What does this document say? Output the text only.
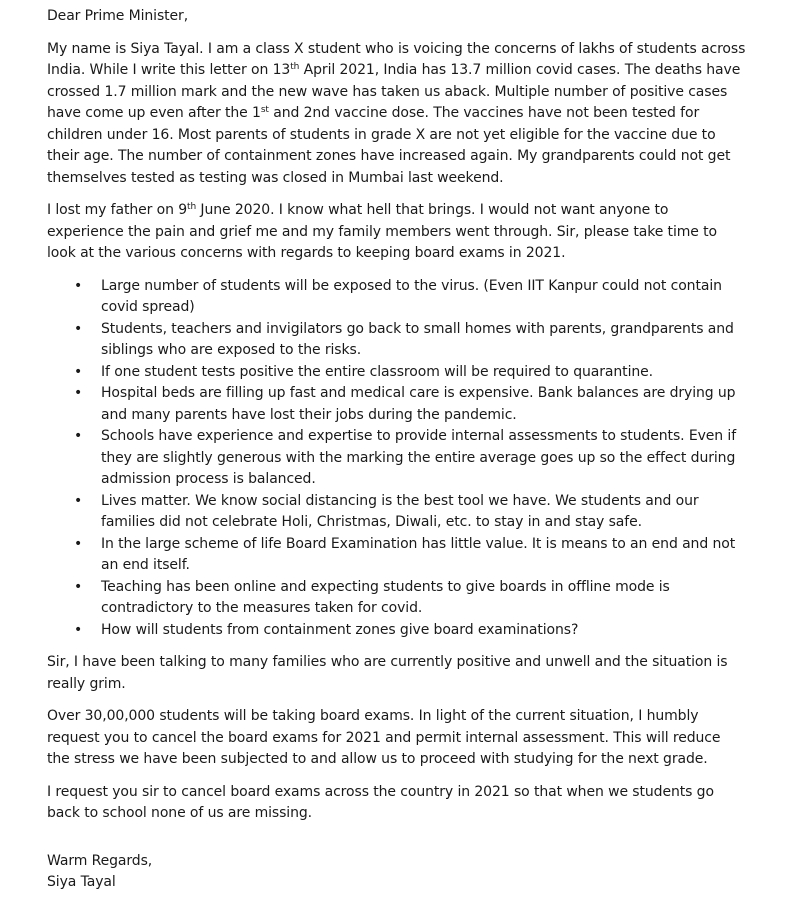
Dear Prime Minister,

My name is Siya Tayal. I am a class X student who is voicing the concerns of lakhs of students across India. While I write this letter on 13th April 2021, India has 13.7 million covid cases. The deaths have crossed 1.7 million mark and the new wave has taken us aback. Multiple number of positive cases have come up even after the 1st and 2nd vaccine dose. The vaccines have not been tested for children under 16. Most parents of students in grade X are not yet eligible for the vaccine due to their age. The number of containment zones have increased again. My grandparents could not get themselves tested as testing was closed in Mumbai last weekend.

I lost my father on 9th June 2020. I know what hell that brings. I would not want anyone to experience the pain and grief me and my family members went through. Sir, please take time to look at the various concerns with regards to keeping board exams in 2021.

• Large number of students will be exposed to the virus. (Even IIT Kanpur could not contain covid spread)
• Students, teachers and invigilators go back to small homes with parents, grandparents and siblings who are exposed to the risks.
• If one student tests positive the entire classroom will be required to quarantine.
• Hospital beds are filling up fast and medical care is expensive. Bank balances are drying up and many parents have lost their jobs during the pandemic.
• Schools have experience and expertise to provide internal assessments to students. Even if they are slightly generous with the marking the entire average goes up so the effect during admission process is balanced.
• Lives matter. We know social distancing is the best tool we have. We students and our families did not celebrate Holi, Christmas, Diwali, etc. to stay in and stay safe.
• In the large scheme of life Board Examination has little value. It is means to an end and not an end itself.
• Teaching has been online and expecting students to give boards in offline mode is contradictory to the measures taken for covid.
• How will students from containment zones give board examinations?

Sir, I have been talking to many families who are currently positive and unwell and the situation is really grim.

Over 30,00,000 students will be taking board exams. In light of the current situation, I humbly request you to cancel the board exams for 2021 and permit internal assessment. This will reduce the stress we have been subjected to and allow us to proceed with studying for the next grade.

I request you sir to cancel board exams across the country in 2021 so that when we students go back to school none of us are missing.

Warm Regards,
Siya Tayal
